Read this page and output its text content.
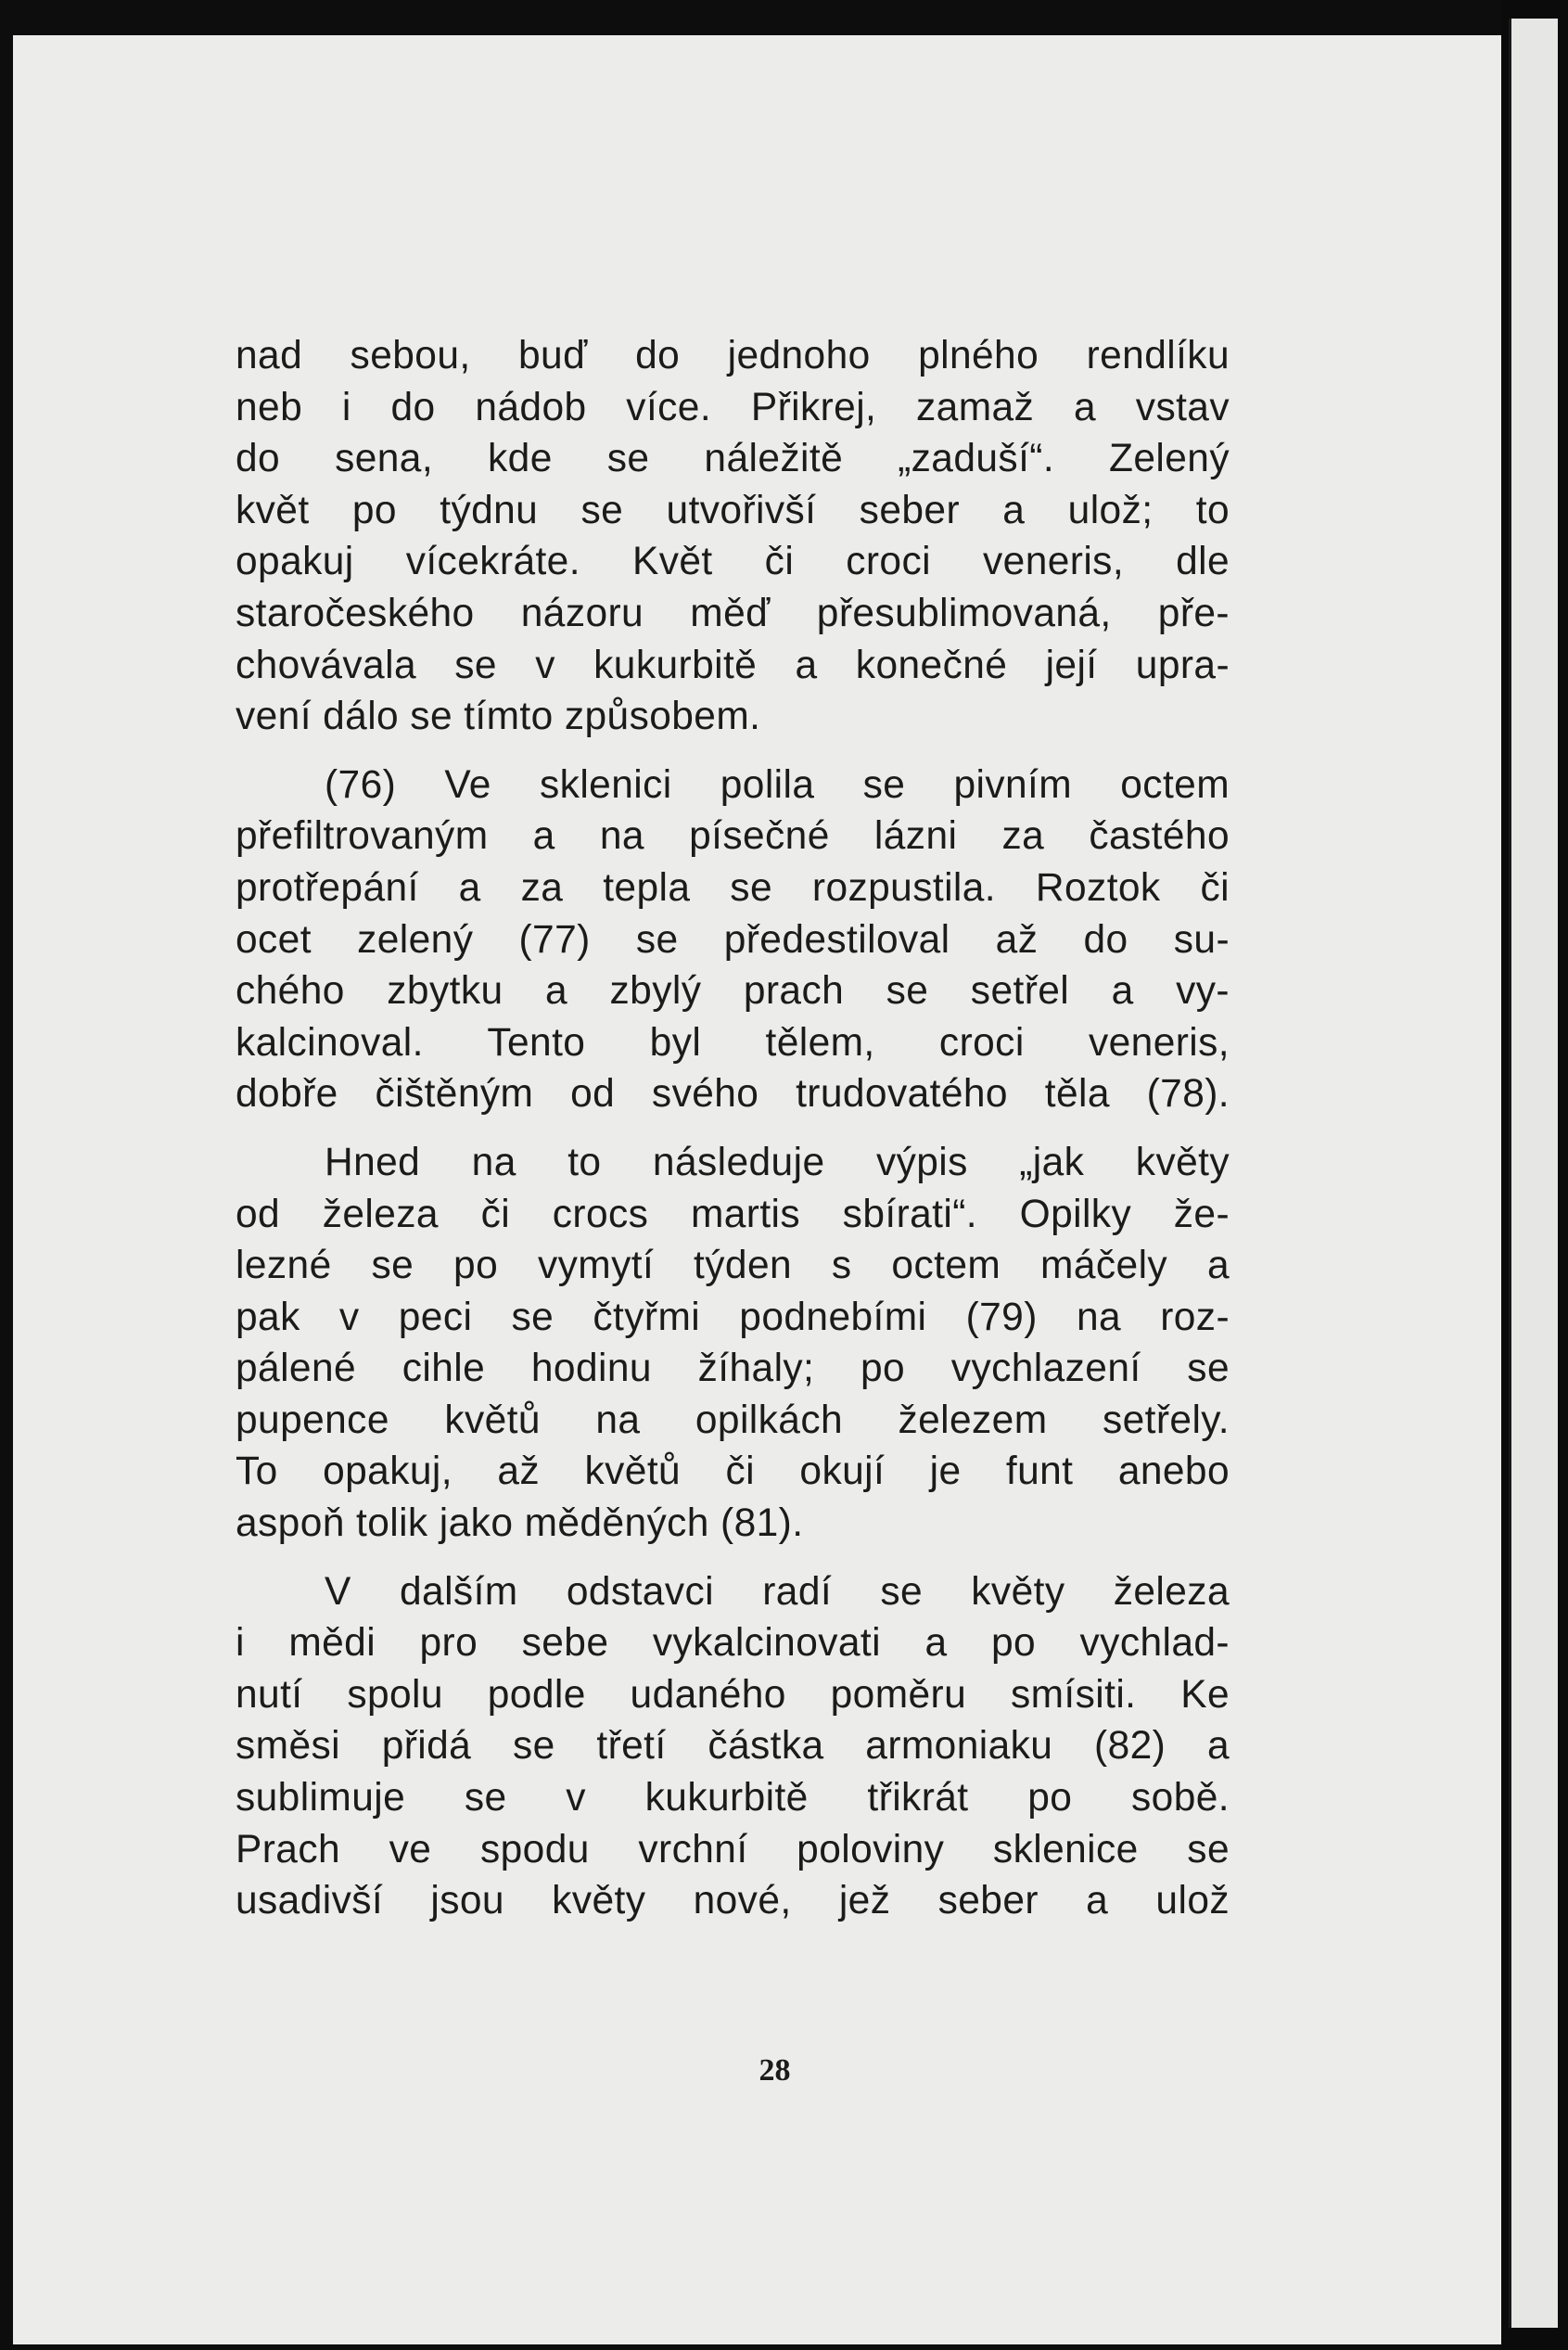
nad sebou, buď do jednoho plného rendlíku
neb i do nádob více. Přikrej, zamaž a vstav
do sena, kde se náležitě „zaduší“. Zelený
květ po týdnu se utvořivší seber a ulož; to
opakuj vícekráte. Květ či croci veneris, dle
staročeského názoru měď přesublimovaná, pře-
chovávala se v kukurbitě a konečné její upra-
vení dálo se tímto způsobem.
(76) Ve sklenici polila se pivním octem
přefiltrovaným a na písečné lázni za častého
protřepání a za tepla se rozpustila. Roztok či
ocet zelený (77) se předestiloval až do su-
chého zbytku a zbylý prach se setřel a vy-
kalcinoval. Tento byl tělem, croci veneris,
dobře čištěným od svého trudovatého těla (78).
Hned na to následuje výpis „jak květy
od železa či crocs martis sbírati“. Opilky že-
lezné se po vymytí týden s octem máčely a
pak v peci se čtyřmi podnebími (79) na roz-
pálené cihle hodinu žíhaly; po vychlazení se
pupence květů na opilkách železem setřely.
To opakuj, až květů či okují je funt anebo
aspoň tolik jako měděných (81).
V dalším odstavci radí se květy železa
i mědi pro sebe vykalcinovati a po vychlad-
nutí spolu podle udaného poměru smísiti. Ke
směsi přidá se třetí částka armoniaku (82) a
sublimuje se v kukurbitě třikrát po sobě.
Prach ve spodu vrchní poloviny sklenice se
usadivší jsou květy nové, jež seber a ulož
28
